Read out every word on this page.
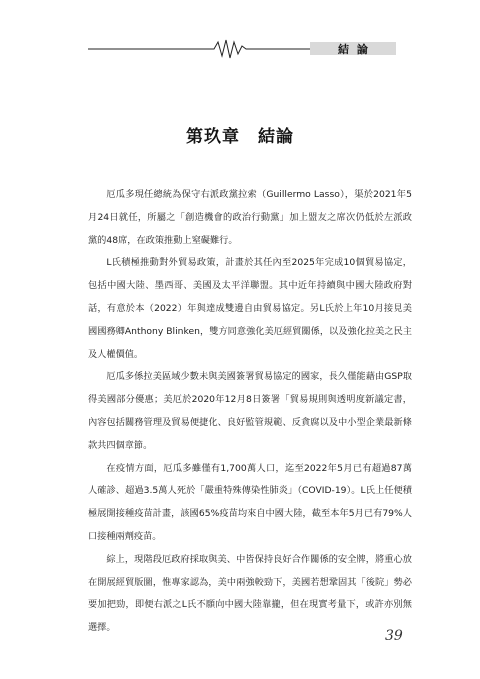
結 論
第玖章　結論

厄瓜多現任總統為保守右派政黨拉索（Guillermo Lasso），渠於2021年5月24日就任，所屬之「創造機會的政治行動黨」加上盟友之席次仍低於左派政黨的48席，在政策推動上窒礙難行。

L氏積極推動對外貿易政策，計畫於其任內至2025年完成10個貿易協定，包括中國大陸、墨西哥、美國及太平洋聯盟。其中近年持續與中國大陸政府對話，有意於本（2022）年與達成雙邊自由貿易協定。另L氏於上年10月接見美國國務卿Anthony Blinken，雙方同意強化美厄經貿關係，以及強化拉美之民主及人權價值。

厄瓜多係拉美區域少數未與美國簽署貿易協定的國家，長久僅能藉由GSP取得美國部分優惠；美厄於2020年12月8日簽署「貿易規則與透明度新議定書，內容包括關務管理及貿易便捷化、良好監管規範、反貪腐以及中小型企業最新條款共四個章節。

在疫情方面，厄瓜多雖僅有1,700萬人口，迄至2022年5月已有超過87萬人確診、超過3.5萬人死於「嚴重特殊傳染性肺炎」（COVID-19）。L氏上任便積極展開接種疫苗計畫，該國65%疫苗均來自中國大陸，截至本年5月已有79%人口接種兩劑疫苗。

綜上，現階段厄政府採取與美、中皆保持良好合作關係的安全牌，將重心放在開展經貿版圖，惟專家認為，美中兩強較勁下，美國若想鞏固其「後院」勢必要加把勁，即便右派之L氏不願向中國大陸靠攏，但在現實考量下，或許亦別無選擇。

39
